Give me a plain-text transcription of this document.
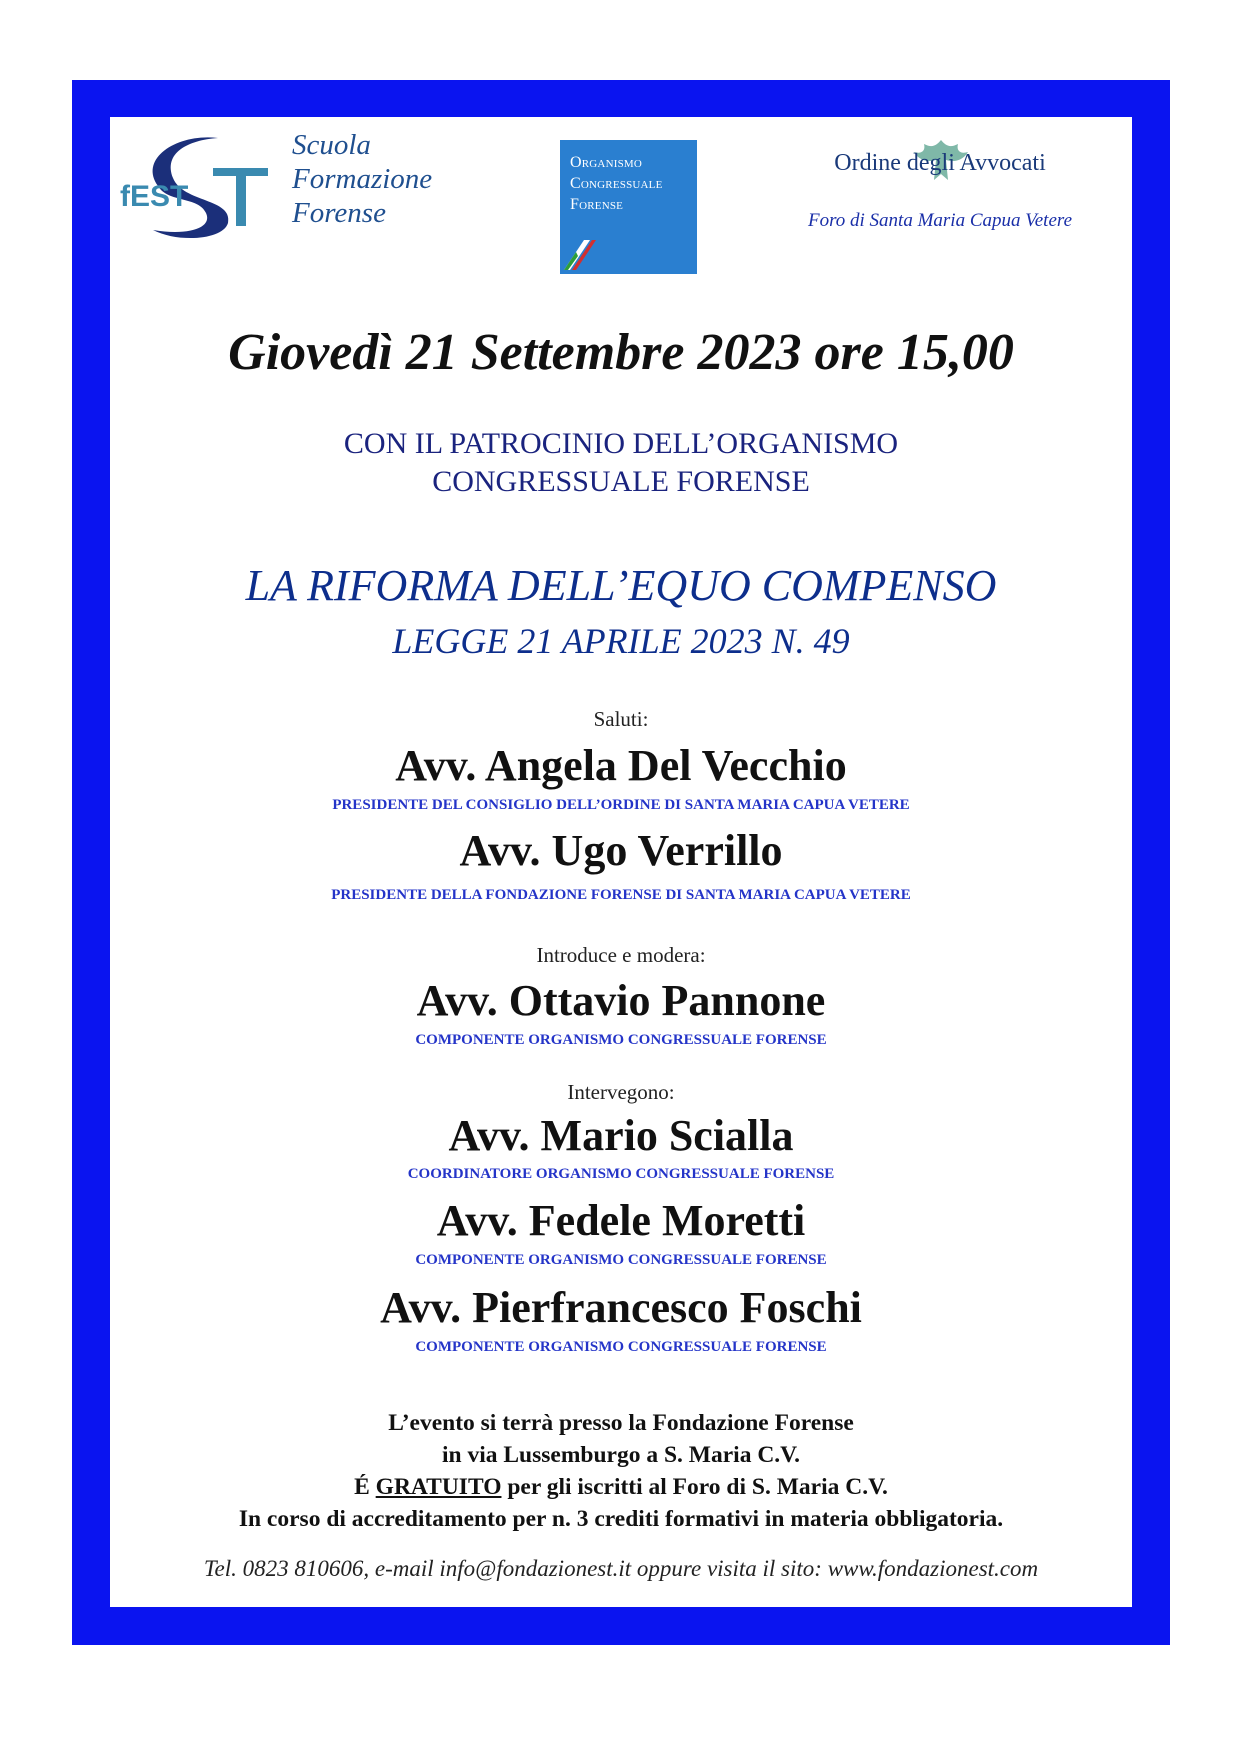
fEST
Scuola
Formazione
Forense
Organismo
Congressuale
Forense
Ordine degli Avvocati
Foro di Santa Maria Capua Vetere
Giovedì 21 Settembre 2023 ore 15,00
CON IL PATROCINIO DELL’ORGANISMO
CONGRESSUALE FORENSE
LA RIFORMA DELL’EQUO COMPENSO
LEGGE 21 APRILE 2023 N. 49
Saluti:
Avv. Angela Del Vecchio
PRESIDENTE DEL CONSIGLIO DELL’ORDINE DI SANTA MARIA CAPUA VETERE
Avv. Ugo Verrillo
PRESIDENTE DELLA FONDAZIONE FORENSE DI SANTA MARIA CAPUA VETERE
Introduce e modera:
Avv. Ottavio Pannone
COMPONENTE ORGANISMO CONGRESSUALE FORENSE
Intervegono:
Avv. Mario Scialla
COORDINATORE ORGANISMO CONGRESSUALE FORENSE
Avv. Fedele Moretti
COMPONENTE ORGANISMO CONGRESSUALE FORENSE
Avv. Pierfrancesco Foschi
COMPONENTE ORGANISMO CONGRESSUALE FORENSE
L’evento si terrà presso la Fondazione Forense
in via Lussemburgo a S. Maria C.V.
É GRATUITO per gli iscritti al Foro di S. Maria C.V.
In corso di accreditamento per n. 3 crediti formativi in materia obbligatoria.
Tel. 0823 810606, e-mail info@fondazionest.it oppure visita il sito: www.fondazionest.com
